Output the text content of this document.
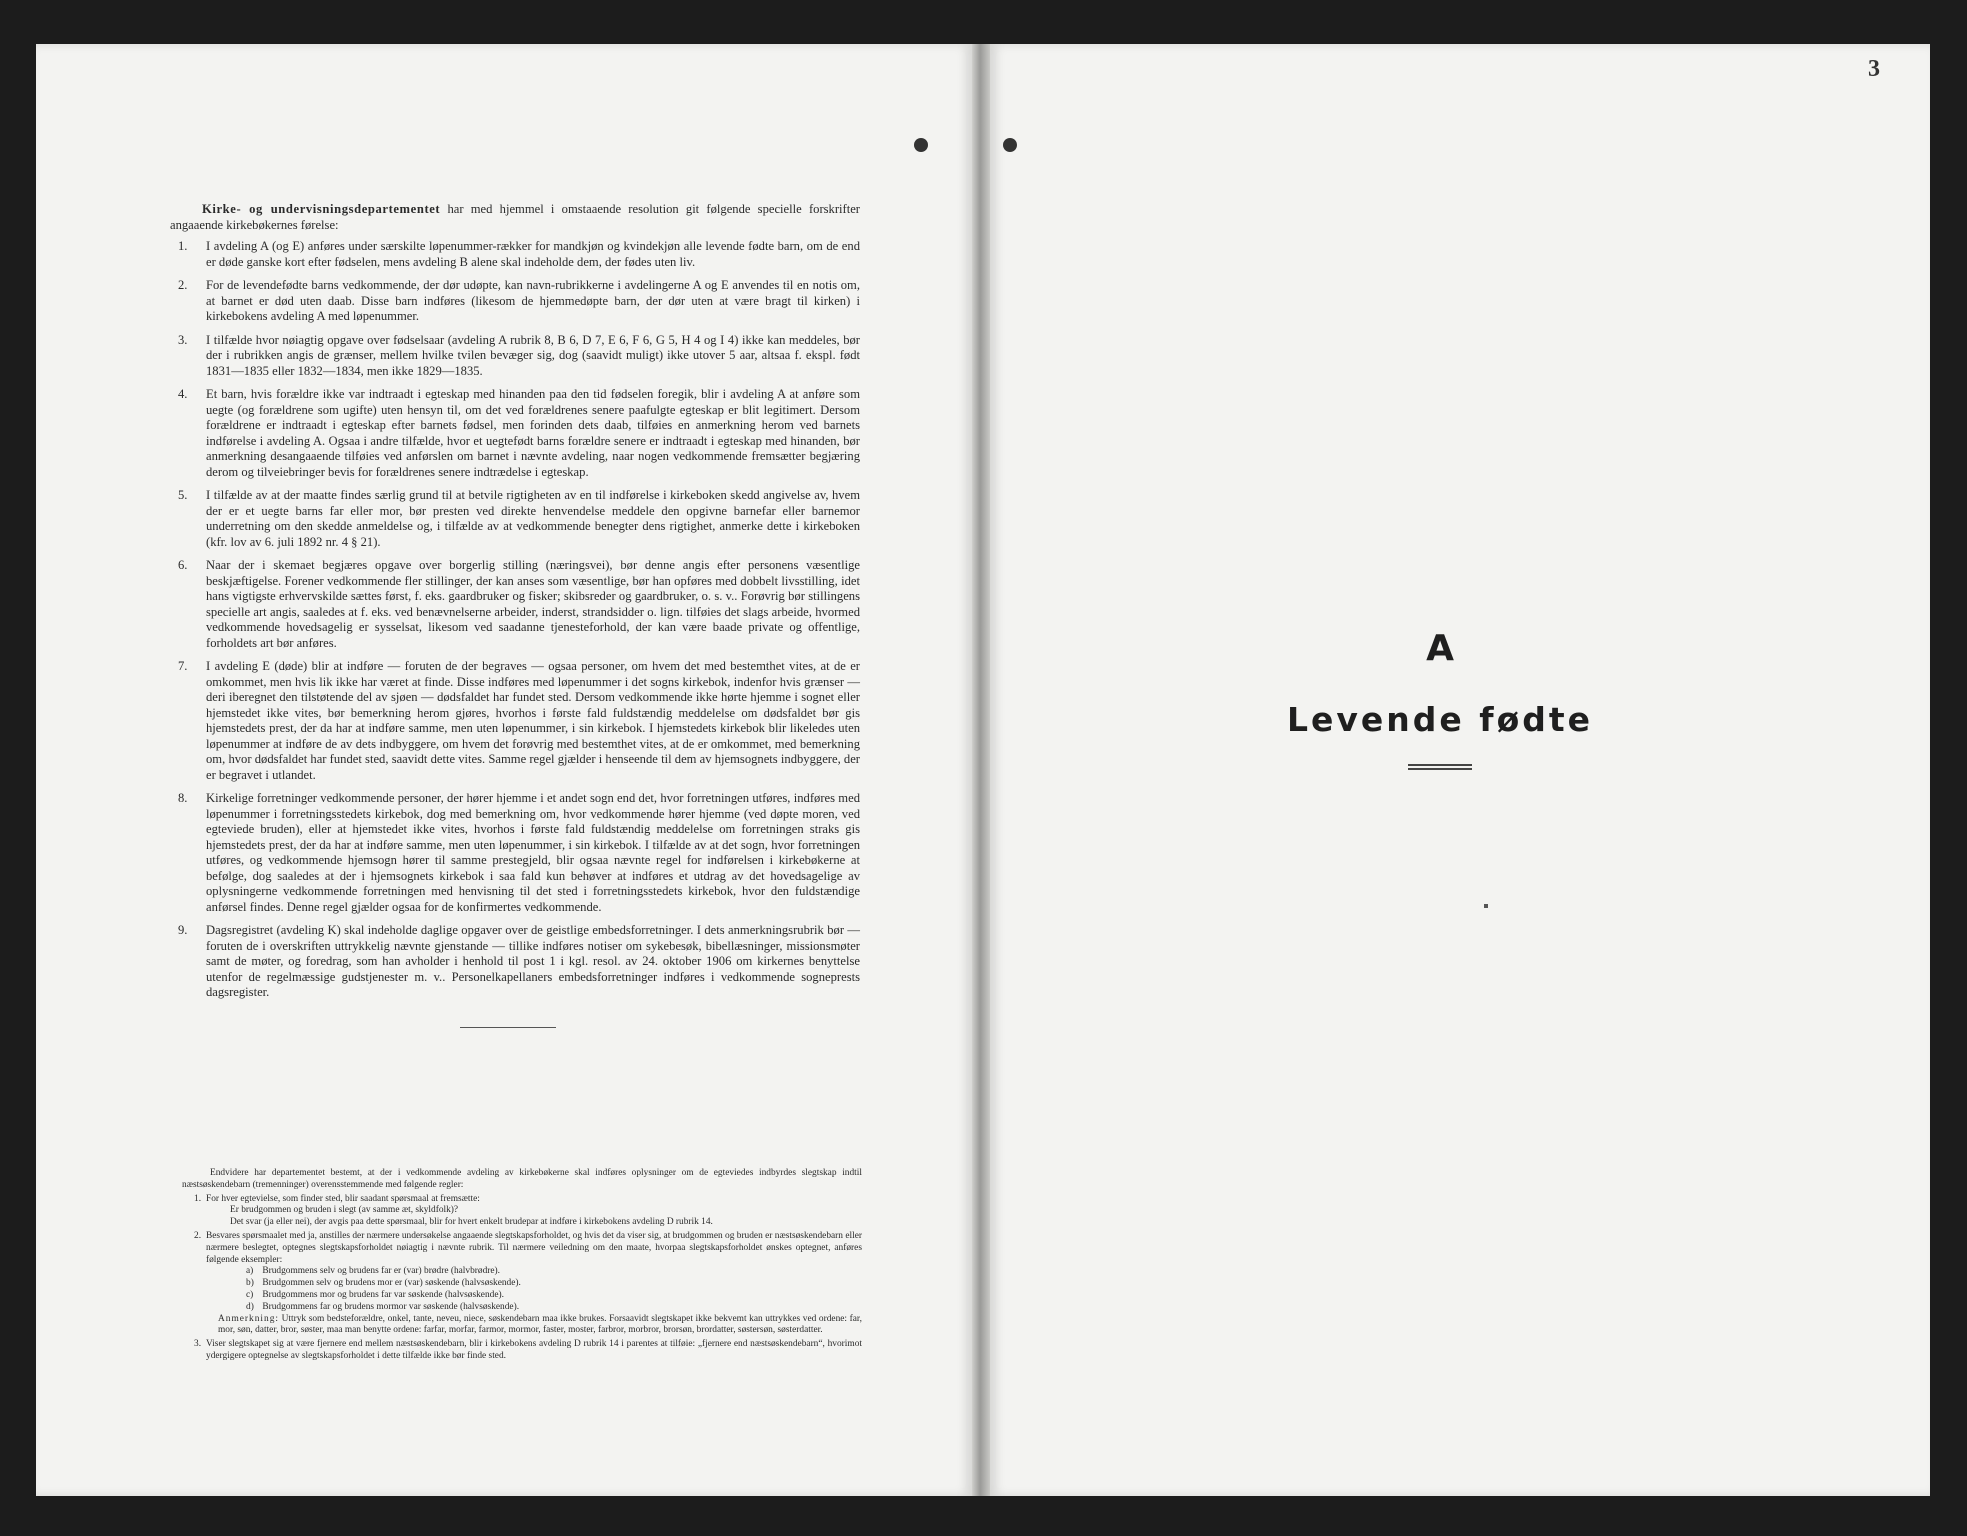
Kirke- og undervisningsdepartementet har med hjemmel i omstaaende resolution git følgende specielle forskrifter angaaende kirkebøkernes førelse:

1.	I avdeling A (og E) anføres under særskilte løpenummer-rækker for mandkjøn og kvindekjøn alle levende fødte barn, om de end er døde ganske kort efter fødselen, mens avdeling B alene skal indeholde dem, der fødes uten liv.
2.	For de levendefødte barns vedkommende, der dør udøpte, kan navn-rubrikkerne i avdelingerne A og E anvendes til en notis om, at barnet er død uten daab. Disse barn indføres (likesom de hjemmedøpte barn, der dør uten at være bragt til kirken) i kirkebokens avdeling A med løpenummer.
3.	I tilfælde hvor nøiagtig opgave over fødselsaar (avdeling A rubrik 8, B 6, D 7, E 6, F 6, G 5, H 4 og I 4) ikke kan meddeles, bør der i rubrikken angis de grænser, mellem hvilke tvilen bevæger sig, dog (saavidt muligt) ikke utover 5 aar, altsaa f. ekspl. født 1831—1835 eller 1832—1834, men ikke 1829—1835.
4.	Et barn, hvis forældre ikke var indtraadt i egteskap med hinanden paa den tid fødselen foregik, blir i avdeling A at anføre som uegte (og forældrene som ugifte) uten hensyn til, om det ved forældrenes senere paafulgte egteskap er blit legitimert. Dersom forældrene er indtraadt i egteskap efter barnets fødsel, men forinden dets daab, tilføies en anmerkning herom ved barnets indførelse i avdeling A. Ogsaa i andre tilfælde, hvor et uegtefødt barns forældre senere er indtraadt i egteskap med hinanden, bør anmerkning desangaaende tilføies ved anførslen om barnet i nævnte avdeling, naar nogen vedkommende fremsætter begjæring derom og tilveiebringer bevis for forældrenes senere indtrædelse i egteskap.
5.	I tilfælde av at der maatte findes særlig grund til at betvile rigtigheten av en til indførelse i kirkeboken skedd angivelse av, hvem der er et uegte barns far eller mor, bør presten ved direkte henvendelse meddele den opgivne barnefar eller barnemor underretning om den skedde anmeldelse og, i tilfælde av at vedkommende benegter dens rigtighet, anmerke dette i kirkeboken (kfr. lov av 6. juli 1892 nr. 4 § 21).
6.	Naar der i skemaet begjæres opgave over borgerlig stilling (næringsvei), bør denne angis efter personens væsentlige beskjæftigelse. Forener vedkommende fler stillinger, der kan anses som væsentlige, bør han opføres med dobbelt livsstilling, idet hans vigtigste erhvervskilde sættes først, f. eks. gaardbruker og fisker; skibsreder og gaardbruker, o. s. v.. Forøvrig bør stillingens specielle art angis, saaledes at f. eks. ved benævnelserne arbeider, inderst, strandsidder o. lign. tilføies det slags arbeide, hvormed vedkommende hovedsagelig er sysselsat, likesom ved saadanne tjenesteforhold, der kan være baade private og offentlige, forholdets art bør anføres.
7.	I avdeling E (døde) blir at indføre — foruten de der begraves — ogsaa personer, om hvem det med bestemthet vites, at de er omkommet, men hvis lik ikke har været at finde. Disse indføres med løpenummer i det sogns kirkebok, indenfor hvis grænser — deri iberegnet den tilstøtende del av sjøen — dødsfaldet har fundet sted. Dersom vedkommende ikke hørte hjemme i sognet eller hjemstedet ikke vites, bør bemerkning herom gjøres, hvorhos i første fald fuldstændig meddelelse om dødsfaldet bør gis hjemstedets prest, der da har at indføre samme, men uten løpenummer, i sin kirkebok. I hjemstedets kirkebok blir likeledes uten løpenummer at indføre de av dets indbyggere, om hvem det forøvrig med bestemthet vites, at de er omkommet, med bemerkning om, hvor dødsfaldet har fundet sted, saavidt dette vites. Samme regel gjælder i henseende til dem av hjemsognets indbyggere, der er begravet i utlandet.
8.	Kirkelige forretninger vedkommende personer, der hører hjemme i et andet sogn end det, hvor forretningen utføres, indføres med løpenummer i forretningsstedets kirkebok, dog med bemerkning om, hvor vedkommende hører hjemme (ved døpte moren, ved egteviede bruden), eller at hjemstedet ikke vites, hvorhos i første fald fuldstændig meddelelse om forretningen straks gis hjemstedets prest, der da har at indføre samme, men uten løpenummer, i sin kirkebok. I tilfælde av at det sogn, hvor forretningen utføres, og vedkommende hjemsogn hører til samme prestegjeld, blir ogsaa nævnte regel for indførelsen i kirkebøkerne at befølge, dog saaledes at der i hjemsognets kirkebok i saa fald kun behøver at indføres et utdrag av det hovedsagelige av oplysningerne vedkommende forretningen med henvisning til det sted i forretningsstedets kirkebok, hvor den fuldstændige anførsel findes. Denne regel gjælder ogsaa for de konfirmertes vedkommende.
9.	Dagsregistret (avdeling K) skal indeholde daglige opgaver over de geistlige embedsforretninger. I dets anmerkningsrubrik bør — foruten de i overskriften uttrykkelig nævnte gjenstande — tillike indføres notiser om sykebesøk, bibellæsninger, missionsmøter samt de møter, og foredrag, som han avholder i henhold til post 1 i kgl. resol. av 24. oktober 1906 om kirkernes benyttelse utenfor de regelmæssige gudstjenester m. v.. Personelkapellaners embedsforretninger indføres i vedkommende sogneprests dagsregister.

Endvidere har departementet bestemt, at der i vedkommende avdeling av kirkebøkerne skal indføres oplysninger om de egteviedes indbyrdes slegtskap indtil næstsøskendebarn (tremenninger) overensstemmende med følgende regler:

1. For hver egtevielse, som finder sted, blir saadant spørsmaal at fremsætte:

Er brudgommen og bruden i slegt (av samme æt, skyldfolk)?

Det svar (ja eller nei), der avgis paa dette spørsmaal, blir for hvert enkelt brudepar at indføre i kirkebokens avdeling D rubrik 14.

2. Besvares spørsmaalet med ja, anstilles der nærmere undersøkelse angaaende slegtskapsforholdet, og hvis det da viser sig, at brudgommen og bruden er næstsøskendebarn eller nærmere beslegtet, optegnes slegtskapsforholdet nøiagtig i nævnte rubrik. Til nærmere veiledning om den maate, hvorpaa slegtskapsforholdet ønskes optegnet, anføres følgende eksempler:

a) Brudgommens selv og brudens far er (var) brødre (halvbrødre).

b) Brudgommen selv og brudens mor er (var) søskende (halvsøskende).

c) Brudgommens mor og brudens far var søskende (halvsøskende).

d) Brudgommens far og brudens mormor var søskende (halvsøskende).

Anmerkning: Uttryk som bedsteforældre, onkel, tante, neveu, niece, søskendebarn maa ikke brukes. Forsaavidt slegtskapet ikke bekvemt kan uttrykkes ved ordene: far, mor, søn, datter, bror, søster, maa man benytte ordene: farfar, morfar, farmor, mormor, faster, moster, farbror, morbror, brorsøn, brordatter, søstersøn, søsterdatter.

3. Viser slegtskapet sig at være fjernere end mellem næstsøskendebarn, blir i kirkebokens avdeling D rubrik 14 i parentes at tilføie: „fjernere end næstsøskendebarn“, hvorimot ydergigere optegnelse av slegtskapsforholdet i dette tilfælde ikke bør finde sted.

3
A
Levende fødte
